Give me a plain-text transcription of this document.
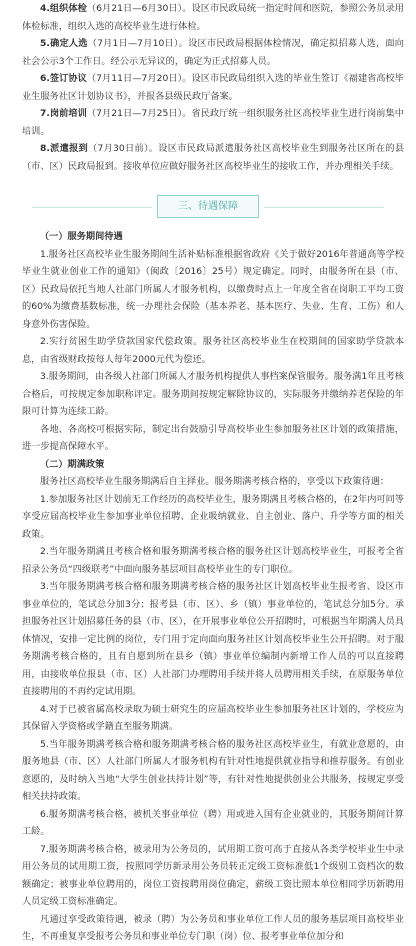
4.组织体检（6月21日—6月30日）。设区市民政局统一指定时间和医院，参照公务员录用体检标准，组织入选的高校毕业生进行体检。

5.确定人选（7月1日—7月10日）。设区市民政局根据体检情况，确定拟招募人选，面向社会公示3个工作日。经公示无异议的，确定为正式招募人员。

6.签订协议（7月11日—7月20日）。设区市民政局组织入选的毕业生签订《福建省高校毕业生服务社区计划协议书》，并报各县级民政厅备案。

7.岗前培训（7月21日—7月25日）。省民政厅统一组织服务社区高校毕业生进行岗前集中培训。

8.派遣报到（7月30日前）。设区市民政局派遣服务社区高校毕业生到服务社区所在的县（市、区）民政局报到。接收单位应做好服务社区高校毕业生的接收工作，并办理相关手续。

三、待遇保障

（一）服务期间待遇

1.服务社区高校毕业生服务期间生活补贴标准根据省政府《关于做好2016年普通高等学校毕业生就业创业工作的通知》（闽政〔2016〕25号）规定确定。同时，由服务所在县（市、区）民政局依托当地人社部门所属人才服务机构，以缴费时点上一年度全省在岗职工平均工资的60%为缴费基数标准，统一办理社会保险（基本养老、基本医疗、失业、生育、工伤）和人身意外伤害保险。

2.实行贫困生助学贷款国家代偿政策。服务社区高校毕业生在校期间的国家助学贷款本息，由省级财政按每人每年2000元代为偿还。

3.服务期间，由各级人社部门所属人才服务机构提供人事档案保管服务。服务满1年且考核合格后，可按规定参加职称评定。服务期间按规定解除协议的，实际服务并缴纳养老保险的年限可计算为连续工龄。

各地、各高校可根据实际，制定出台鼓励引导高校毕业生参加服务社区计划的政策措施，进一步提高保障水平。

（二）期满政策

服务社区高校毕业生服务期满后自主择业。服务期满考核合格的，享受以下政策待遇：

1.参加服务社区计划前无工作经历的高校毕业生，服务期满且考核合格的，在2年内可同等享受应届高校毕业生参加事业单位招聘、企业吸纳就业、自主创业、落户、升学等方面的相关政策。

2.当年服务期满且考核合格和服务期满考核合格的服务社区计划高校毕业生，可报考全省招录公务员“四级联考”中面向服务基层项目高校毕业生的专门职位。

3.当年服务期满考核合格和服务期满考核合格的服务社区计划高校毕业生报考省、设区市事业单位的，笔试总分加3分；报考县（市、区）、乡（镇）事业单位的，笔试总分加5分。承担服务社区计划招募任务的县（市、区），在开展事业单位公开招聘时，可根据当年期满人员具体情况，安排一定比例的岗位，专门用于定向面向服务社区计划高校毕业生公开招聘。对于服务期满考核合格的，且有自愿到所在县乡（镇）事业单位编制内新增工作人员的可以直接聘用，由接收单位报县（市、区）人社部门办理聘用手续并将人员聘用相关手续，在原服务单位直接聘用的不再约定试用期。

4.对于已被省属高校录取为硕士研究生的应届高校毕业生参加服务社区计划的，学校应为其保留入学资格或学籍直至服务期满。

5.当年服务期满考核合格和服务期满考核合格的服务社区高校毕业生，有就业意愿的，由服务地县（市、区）人社部门所属人才服务机构有针对性地提供就业指导和推荐服务。有创业意愿的，及时纳入当地“大学生创业扶持计划”等，有针对性地提供创业公共服务，按规定享受相关扶持政策。

6.服务期满考核合格，被机关事业单位（聘）用或进入国有企业就业的，其服务期间计算工龄。

7.服务期满考核合格，被录用为公务员的，试用期工资可高于直接从各类学校毕业生中录用公务员的试用期工资，按照同学历新录用公务员转正定级工资标准低1个级别工资档次的数额确定；被事业单位聘用的，岗位工资按聘用岗位确定，薪级工资比照本单位相同学历新聘用人员定级工资标准确定。

凡通过享受政策待遇，被录（聘）为公务员和事业单位工作人员的服务基层项目高校毕业生，不再重复享受报考公务员和事业单位专门职（岗）位、报考事业单位加分和
